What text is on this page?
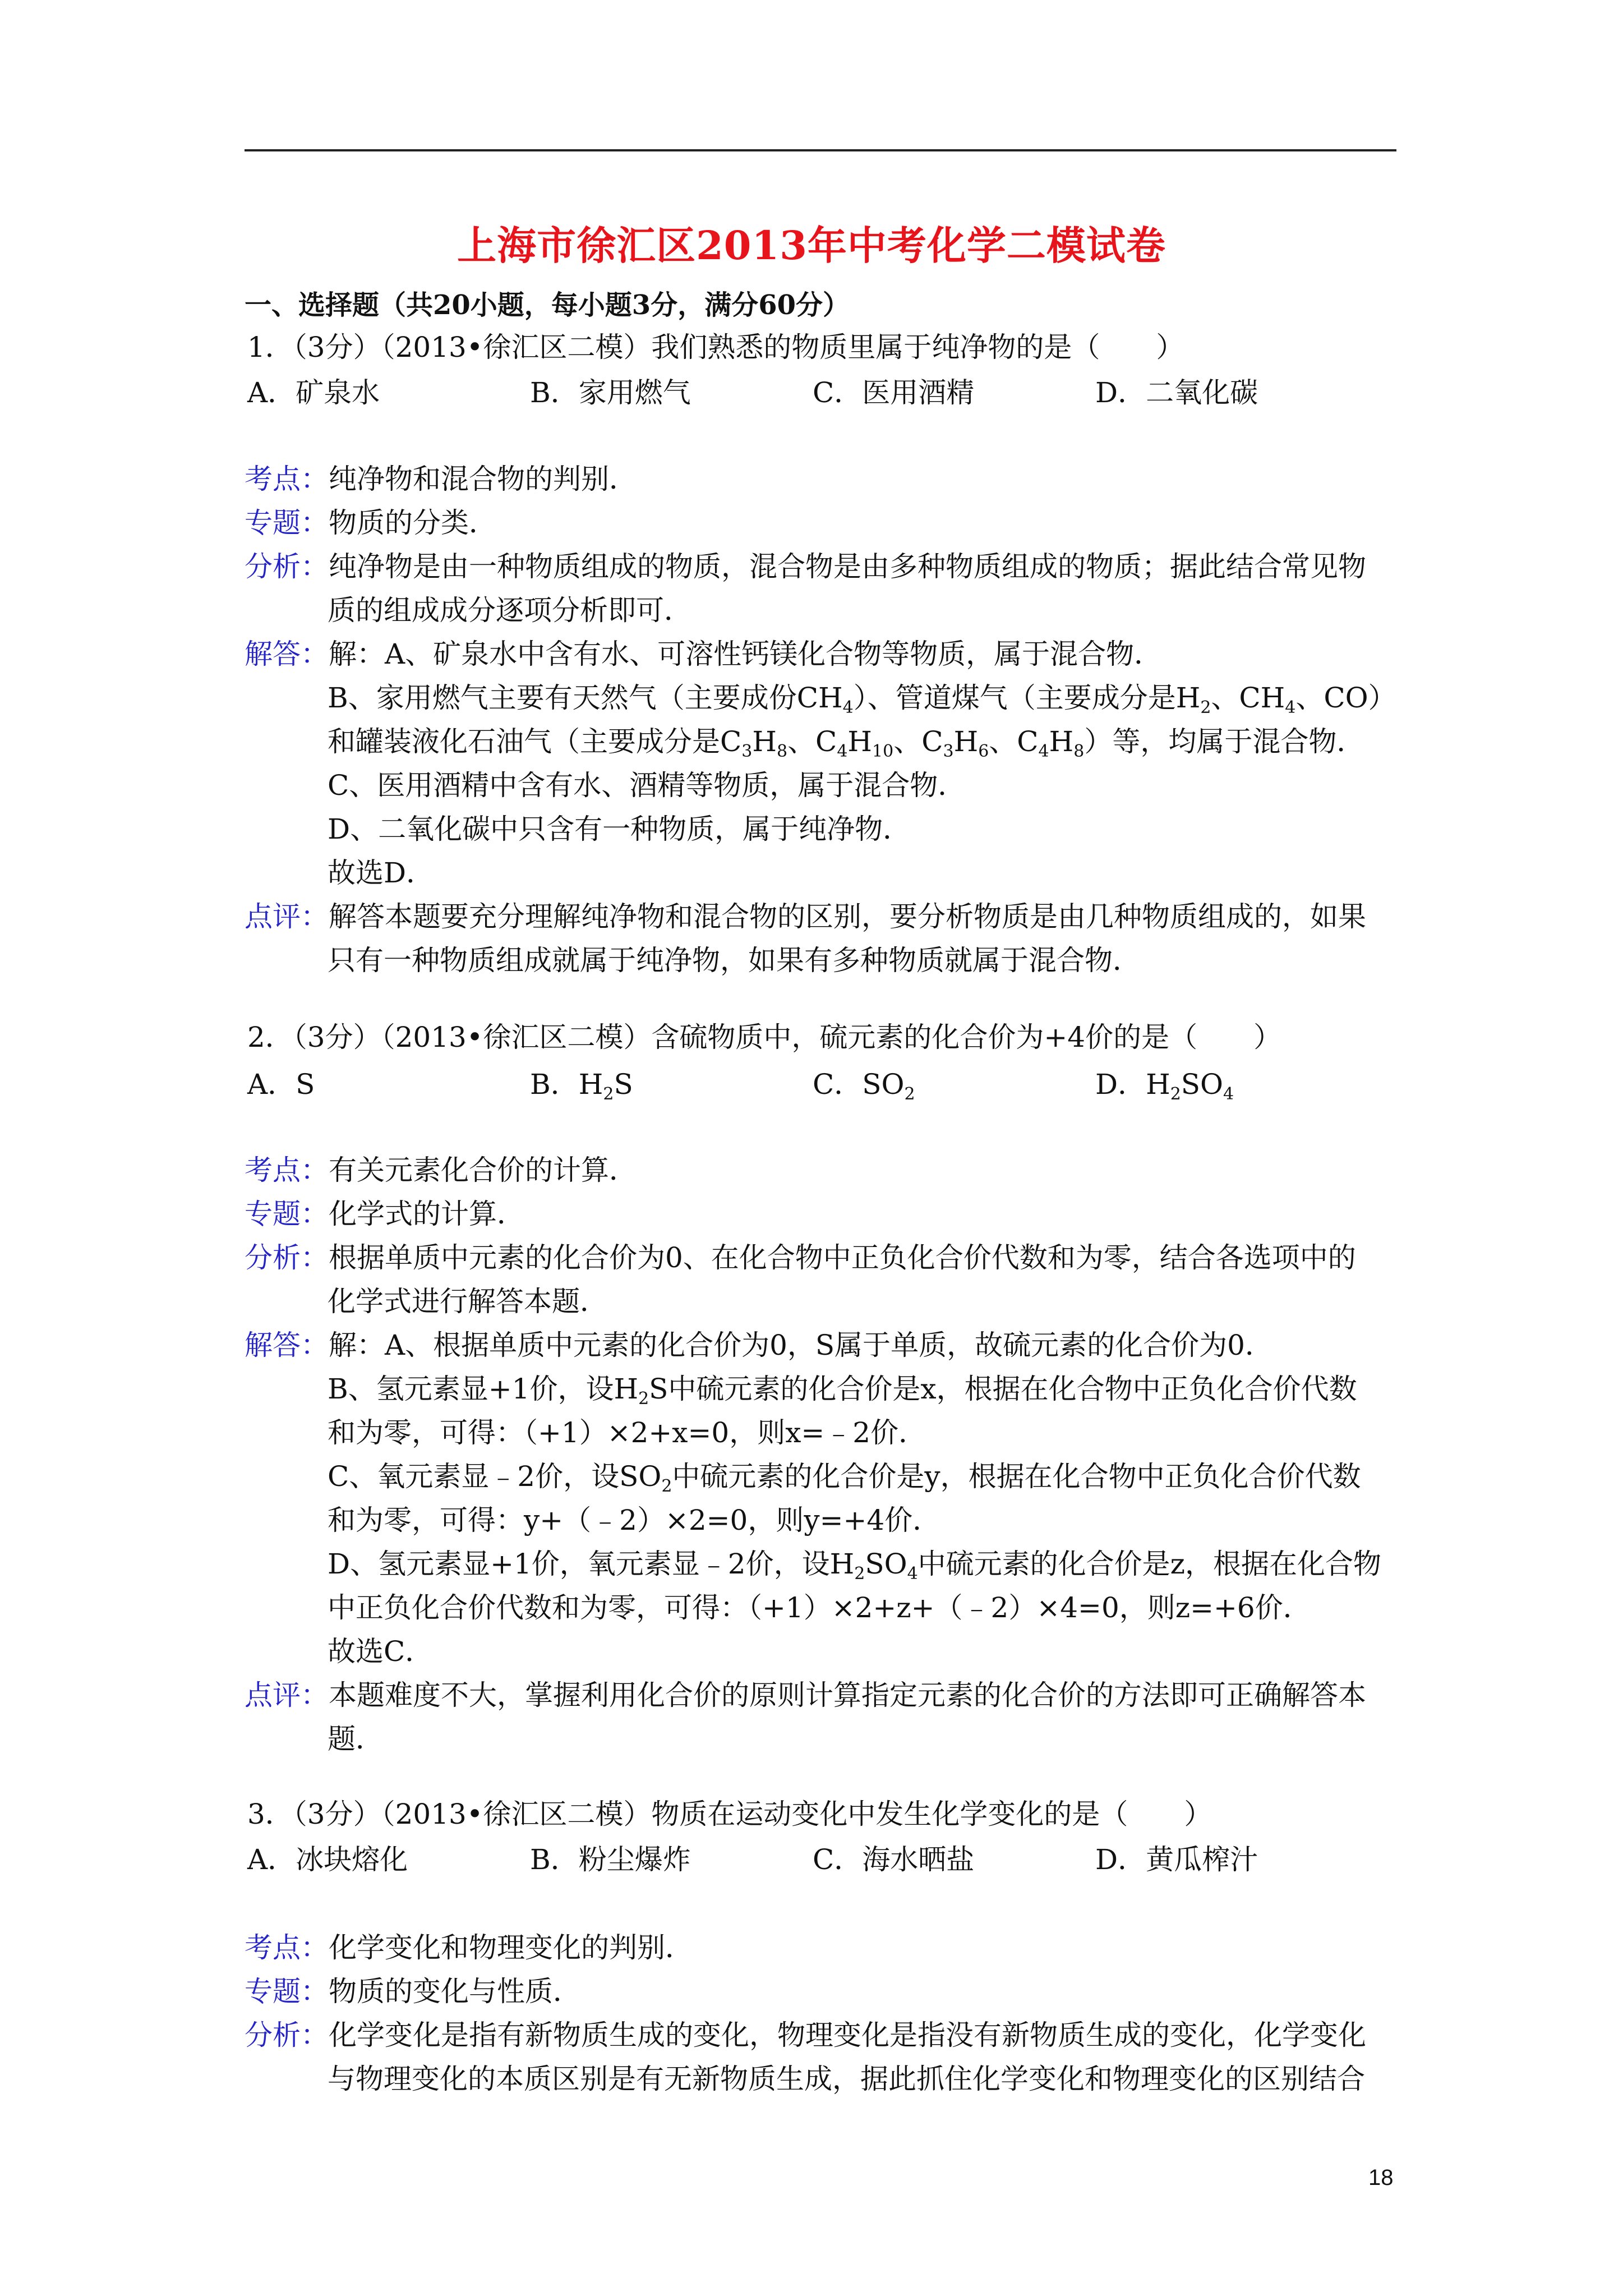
上海市徐汇区2013年中考化学二模试卷
一、选择题（共20小题，每小题3分，满分60分）
1．（3分）（2013•徐汇区二模）我们熟悉的物质里属于纯净物的是（　　）
A．矿泉水	B．家用燃气	C．医用酒精	D．二氧化碳
考点：纯净物和混合物的判别．
专题：物质的分类．
分析：纯净物是由一种物质组成的物质，混合物是由多种物质组成的物质；据此结合常见物
质的组成成分逐项分析即可．
解答：解：A、矿泉水中含有水、可溶性钙镁化合物等物质，属于混合物．
B、家用燃气主要有天然气（主要成份$CH_4$）、管道煤气（主要成分是$H_2$、$CH_4$、CO）
和罐装液化石油气（主要成分是$C_3H_8$、$C_4H_{10}$、$C_3H_6$、$C_4H_8$）等，均属于混合物．
C、医用酒精中含有水、酒精等物质，属于混合物．
D、二氧化碳中只含有一种物质，属于纯净物．
故选D．
点评：解答本题要充分理解纯净物和混合物的区别，要分析物质是由几种物质组成的，如果
只有一种物质组成就属于纯净物，如果有多种物质就属于混合物．
2．（3分）（2013•徐汇区二模）含硫物质中，硫元素的化合价为+4价的是（　　）
A．S	B．$H_2S$	C．$SO_2$	D．$H_2SO_4$
考点：有关元素化合价的计算．
专题：化学式的计算．
分析：根据单质中元素的化合价为0、在化合物中正负化合价代数和为零，结合各选项中的
化学式进行解答本题．
解答：解：A、根据单质中元素的化合价为0，S属于单质，故硫元素的化合价为0．
B、氢元素显+1价，设$H_2S$中硫元素的化合价是x，根据在化合物中正负化合价代数
和为零，可得：（+1）×2+x=0，则x=﹣2价．
C、氧元素显﹣2价，设$SO_2$中硫元素的化合价是y，根据在化合物中正负化合价代数
和为零，可得：y+（﹣2）×2=0，则y=+4价．
D、氢元素显+1价，氧元素显﹣2价，设$H_2SO_4$中硫元素的化合价是z，根据在化合物
中正负化合价代数和为零，可得：（+1）×2+z+（﹣2）×4=0，则z=+6价．
故选C．
点评：本题难度不大，掌握利用化合价的原则计算指定元素的化合价的方法即可正确解答本
题．
3．（3分）（2013•徐汇区二模）物质在运动变化中发生化学变化的是（　　）
A．冰块熔化	B．粉尘爆炸	C．海水晒盐	D．黄瓜榨汁
考点：化学变化和物理变化的判别．
专题：物质的变化与性质．
分析：化学变化是指有新物质生成的变化，物理变化是指没有新物质生成的变化，化学变化
与物理变化的本质区别是有无新物质生成，据此抓住化学变化和物理变化的区别结合
18
